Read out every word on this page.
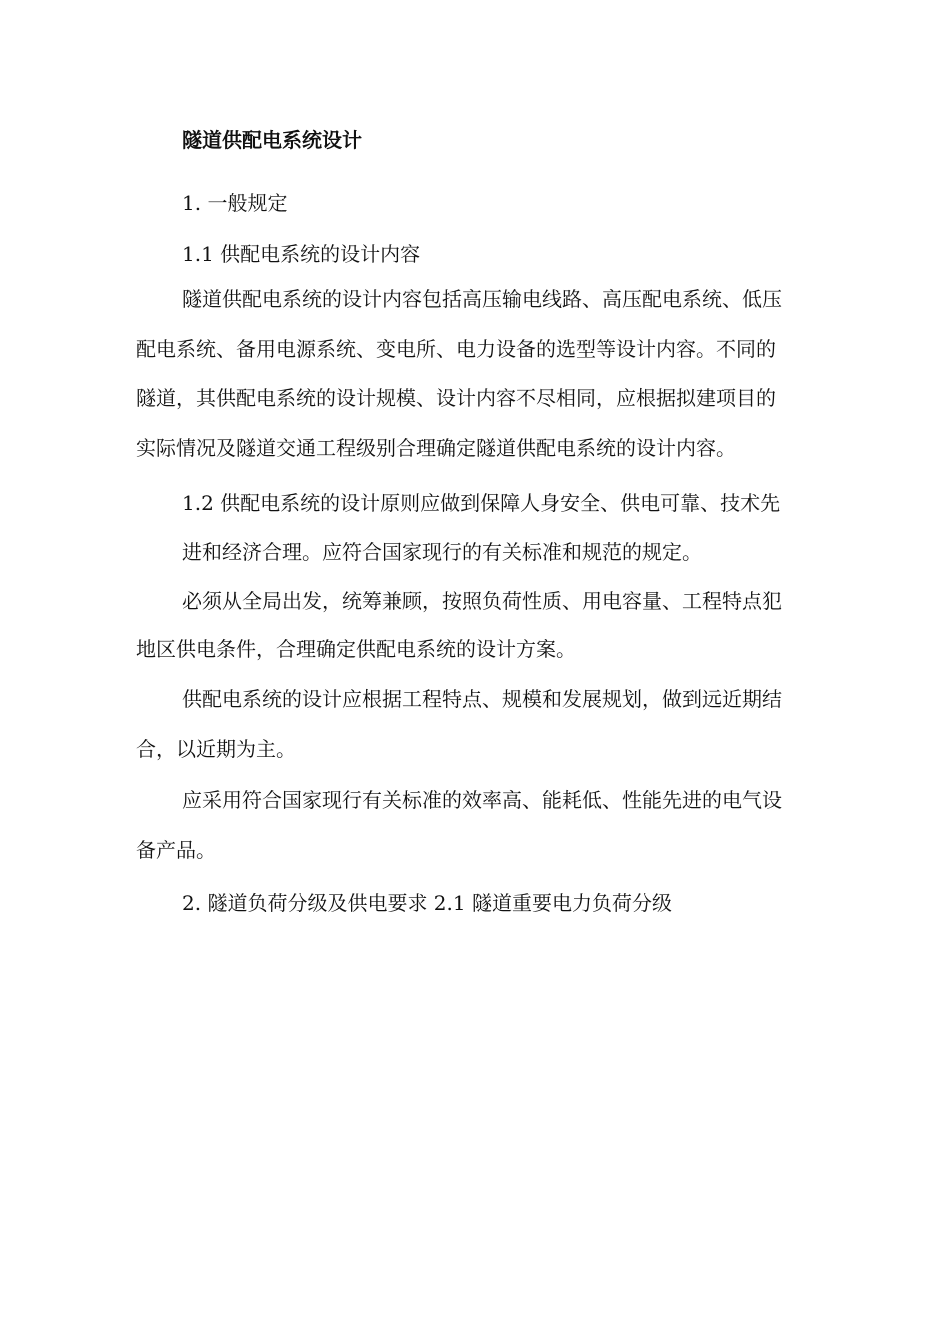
隧道供配电系统设计
1. 一般规定
1.1 供配电系统的设计内容
隧道供配电系统的设计内容包括高压输电线路、高压配电系统、低压
配电系统、备用电源系统、变电所、电力设备的选型等设计内容。不同的
隧道，其供配电系统的设计规模、设计内容不尽相同，应根据拟建项目的
实际情况及隧道交通工程级别合理确定隧道供配电系统的设计内容。
1.2 供配电系统的设计原则应做到保障人身安全、供电可靠、技术先
进和经济合理。应符合国家现行的有关标准和规范的规定。
必须从全局出发，统筹兼顾，按照负荷性质、用电容量、工程特点犯
地区供电条件，合理确定供配电系统的设计方案。
供配电系统的设计应根据工程特点、规模和发展规划，做到远近期结
合，以近期为主。
应采用符合国家现行有关标准的效率高、能耗低、性能先进的电气设
备产品。
2. 隧道负荷分级及供电要求 2.1 隧道重要电力负荷分级
